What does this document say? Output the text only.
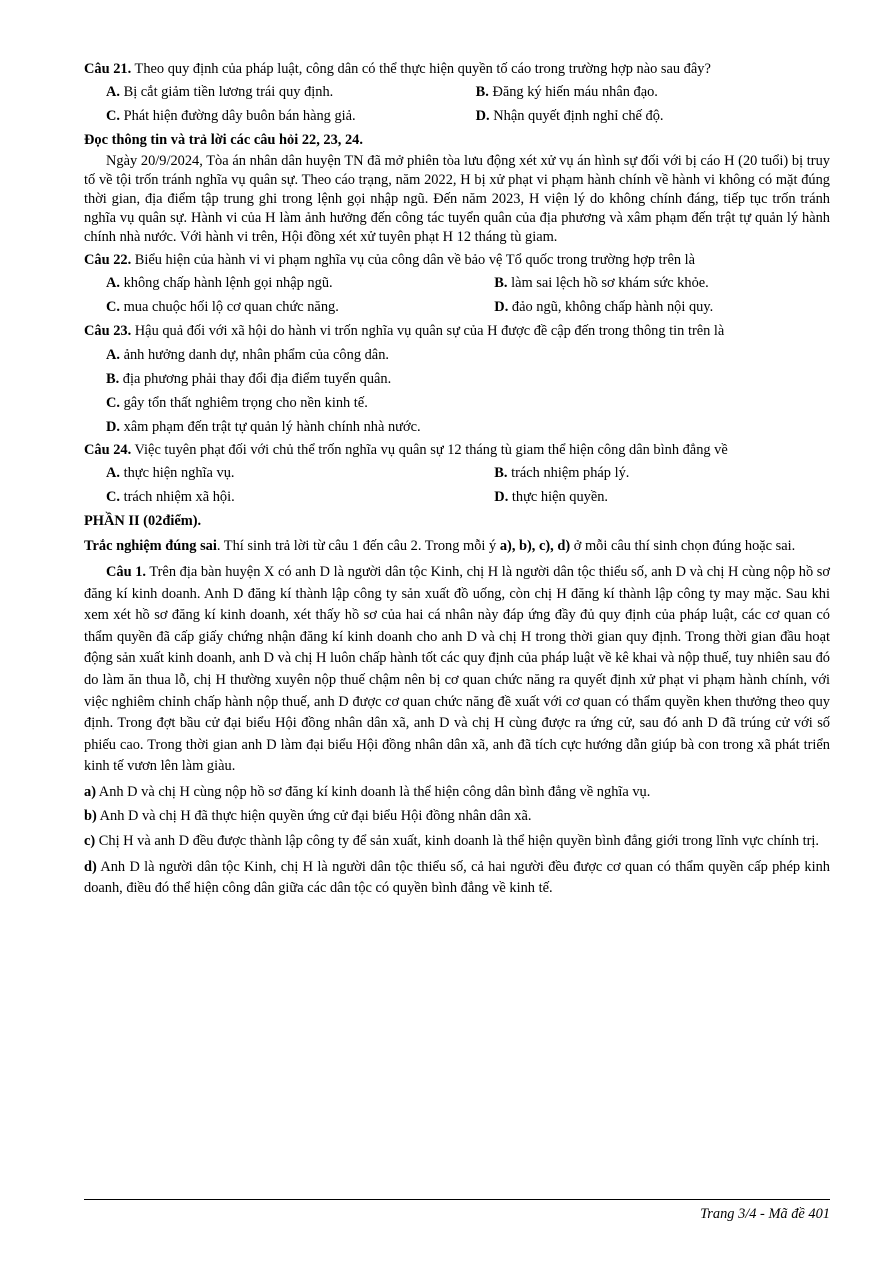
Câu 21. Theo quy định của pháp luật, công dân có thể thực hiện quyền tố cáo trong trường hợp nào sau đây?

A. Bị cắt giảm tiền lương trái quy định.	B. Đăng ký hiến máu nhân đạo.
C. Phát hiện đường dây buôn bán hàng giả.	D. Nhận quyết định nghỉ chế độ.

Đọc thông tin và trả lời các câu hỏi 22, 23, 24.

Ngày 20/9/2024, Tòa án nhân dân huyện TN đã mở phiên tòa lưu động xét xử vụ án hình sự đối với bị cáo H (20 tuổi) bị truy tố về tội trốn tránh nghĩa vụ quân sự. Theo cáo trạng, năm 2022, H bị xử phạt vi phạm hành chính về hành vi không có mặt đúng thời gian, địa điểm tập trung ghi trong lệnh gọi nhập ngũ. Đến năm 2023, H viện lý do không chính đáng, tiếp tục trốn tránh nghĩa vụ quân sự. Hành vi của H làm ảnh hưởng đến công tác tuyển quân của địa phương và xâm phạm đến trật tự quản lý hành chính nhà nước. Với hành vi trên, Hội đồng xét xử tuyên phạt H 12 tháng tù giam.

Câu 22. Biểu hiện của hành vi vi phạm nghĩa vụ của công dân về bảo vệ Tổ quốc trong trường hợp trên là

A. không chấp hành lệnh gọi nhập ngũ.	B. làm sai lệch hồ sơ khám sức khỏe.
C. mua chuộc hối lộ cơ quan chức năng.	D. đảo ngũ, không chấp hành nội quy.

Câu 23. Hậu quả đối với xã hội do hành vi trốn nghĩa vụ quân sự của H được đề cập đến trong thông tin trên là

A. ảnh hưởng danh dự, nhân phẩm của công dân.
B. địa phương phải thay đổi địa điểm tuyển quân.
C. gây tổn thất nghiêm trọng cho nền kinh tế.
D. xâm phạm đến trật tự quản lý hành chính nhà nước.

Câu 24. Việc tuyên phạt đối với chủ thể trốn nghĩa vụ quân sự 12 tháng tù giam thể hiện công dân bình đẳng về

A. thực hiện nghĩa vụ.	B. trách nhiệm pháp lý.
C. trách nhiệm xã hội.	D. thực hiện quyền.

PHẦN II (02điểm).

Trắc nghiệm đúng sai. Thí sinh trả lời từ câu 1 đến câu 2. Trong mỗi ý a), b), c), d) ở mỗi câu thí sinh chọn đúng hoặc sai.

Câu 1. Trên địa bàn huyện X có anh D là người dân tộc Kinh, chị H là người dân tộc thiểu số, anh D và chị H cùng nộp hồ sơ đăng kí kinh doanh. Anh D đăng kí thành lập công ty sản xuất đồ uống, còn chị H đăng kí thành lập công ty may mặc. Sau khi xem xét hồ sơ đăng kí kinh doanh, xét thấy hồ sơ của hai cá nhân này đáp ứng đầy đủ quy định của pháp luật, các cơ quan có thẩm quyền đã cấp giấy chứng nhận đăng kí kinh doanh cho anh D và chị H trong thời gian quy định. Trong thời gian đầu hoạt động sản xuất kinh doanh, anh D và chị H luôn chấp hành tốt các quy định của pháp luật về kê khai và nộp thuế, tuy nhiên sau đó do làm ăn thua lỗ, chị H thường xuyên nộp thuế chậm nên bị cơ quan chức năng ra quyết định xử phạt vi phạm hành chính, với việc nghiêm chỉnh chấp hành nộp thuế, anh D được cơ quan chức năng đề xuất với cơ quan có thẩm quyền khen thưởng theo quy định. Trong đợt bầu cử đại biểu Hội đồng nhân dân xã, anh D và chị H cùng được ra ứng cử, sau đó anh D đã trúng cử với số phiếu cao. Trong thời gian anh D làm đại biểu Hội đồng nhân dân xã, anh đã tích cực hướng dẫn giúp bà con trong xã phát triển kinh tế vươn lên làm giàu.

a) Anh D và chị H cùng nộp hồ sơ đăng kí kinh doanh là thể hiện công dân bình đẳng về nghĩa vụ.

b) Anh D và chị H đã thực hiện quyền ứng cử đại biểu Hội đồng nhân dân xã.

c) Chị H và anh D đều được thành lập công ty để sản xuất, kinh doanh là thể hiện quyền bình đẳng giới trong lĩnh vực chính trị.

d) Anh D là người dân tộc Kinh, chị H là người dân tộc thiểu số, cả hai người đều được cơ quan có thẩm quyền cấp phép kinh doanh, điều đó thể hiện công dân giữa các dân tộc có quyền bình đẳng về kinh tế.

Trang 3/4 - Mã đề 401
